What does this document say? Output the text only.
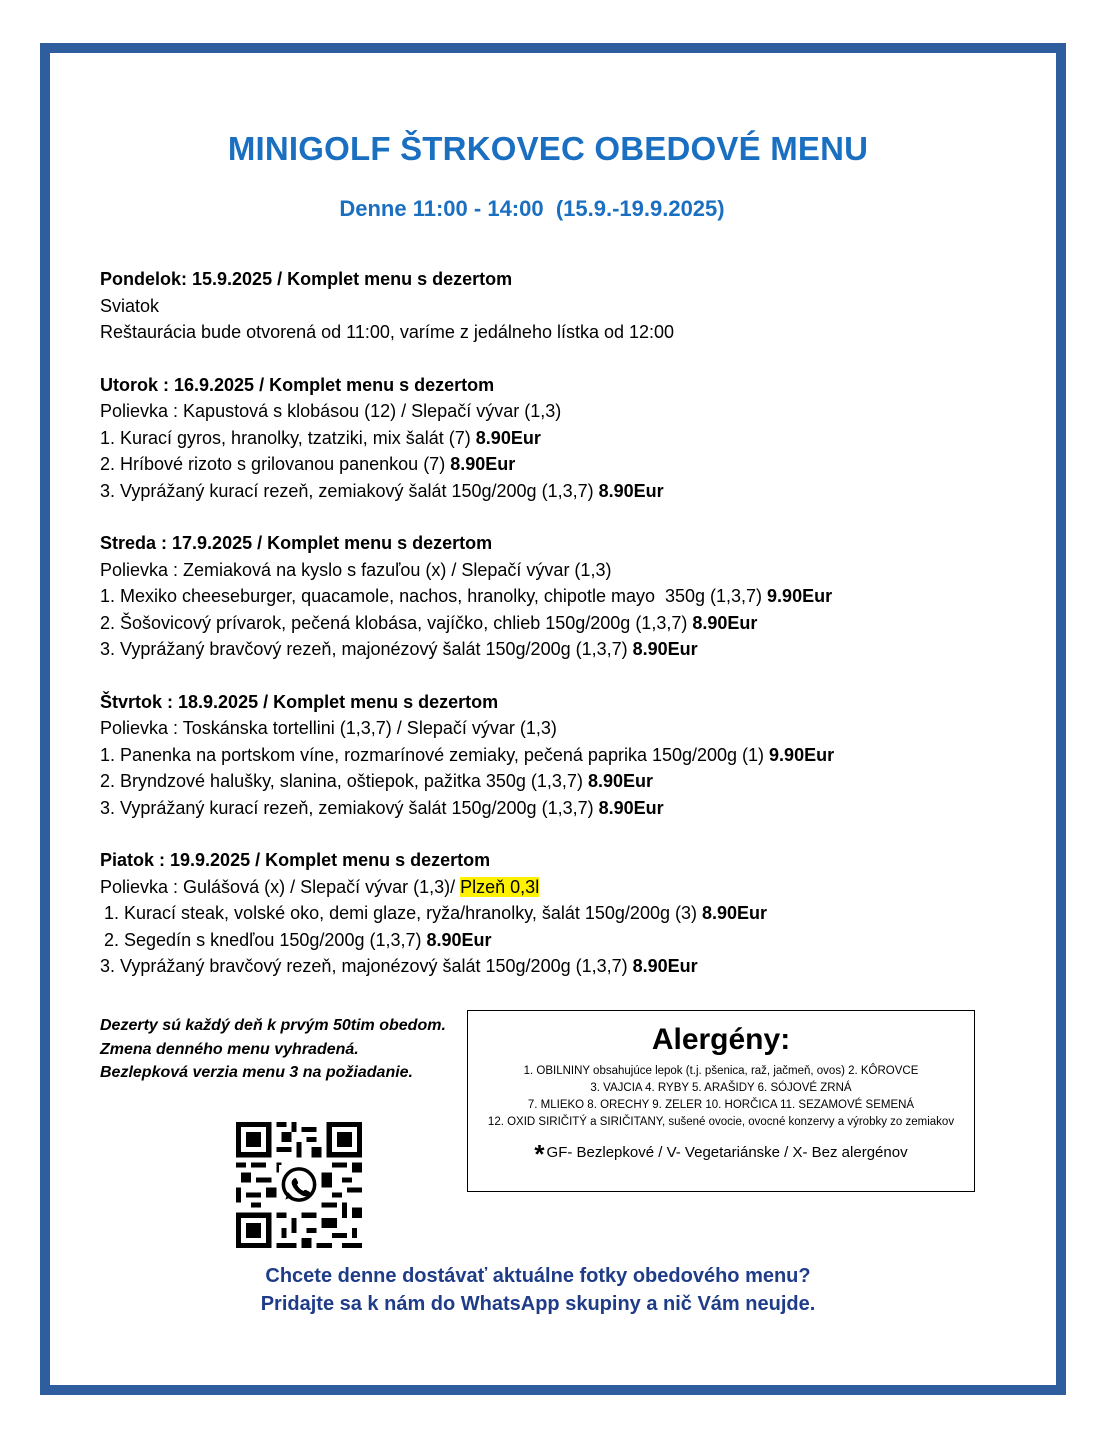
MINIGOLF ŠTRKOVEC OBEDOVÉ MENU
Denne 11:00 - 14:00  (15.9.-19.9.2025)
Pondelok: 15.9.2025 / Komplet menu s dezertom
Sviatok
Reštaurácia bude otvorená od 11:00, varíme z jedálneho lístka od 12:00
Utorok : 16.9.2025 / Komplet menu s dezertom
Polievka : Kapustová s klobásou (12) / Slepačí vývar (1,3)
1. Kurací gyros, hranolky, tzatziki, mix šalát (7) 8.90Eur
2. Hríbové rizoto s grilovanou panenkou (7) 8.90Eur
3. Vyprážaný kurací rezeň, zemiakový šalát 150g/200g (1,3,7) 8.90Eur
Streda : 17.9.2025 / Komplet menu s dezertom
Polievka : Zemiaková na kyslo s fazuľou (x) / Slepačí vývar (1,3)
1. Mexiko cheeseburger, quacamole, nachos, hranolky, chipotle mayo  350g (1,3,7) 9.90Eur
2. Šošovicový prívarok, pečená klobása, vajíčko, chlieb 150g/200g (1,3,7) 8.90Eur
3. Vyprážaný bravčový rezeň, majonézový šalát 150g/200g (1,3,7) 8.90Eur
Štvrtok : 18.9.2025 / Komplet menu s dezertom
Polievka : Toskánska tortellini (1,3,7) / Slepačí vývar (1,3)
1. Panenka na portskom víne, rozmarínové zemiaky, pečená paprika 150g/200g (1) 9.90Eur
2. Bryndzové halušky, slanina, oštiepok, pažitka 350g (1,3,7) 8.90Eur
3. Vyprážaný kurací rezeň, zemiakový šalát 150g/200g (1,3,7) 8.90Eur
Piatok : 19.9.2025 / Komplet menu s dezertom
Polievka : Gulášová (x) / Slepačí vývar (1,3)/ Plzeň 0,3l
1. Kurací steak, volské oko, demi glaze, ryža/hranolky, šalát 150g/200g (3) 8.90Eur
2. Segedín s knedľou 150g/200g (1,3,7) 8.90Eur
3. Vyprážaný bravčový rezeň, majonézový šalát 150g/200g (1,3,7) 8.90Eur
Dezerty sú každý deň k prvým 50tim obedom.
Zmena denného menu vyhradená.
Bezlepková verzia menu 3 na požiadanie.
Alergény:
1. OBILNINY obsahujúce lepok (t.j. pšenica, raž, jačmeň, ovos) 2. KÔROVCE
3. VAJCIA 4. RYBY 5. ARAŠIDY 6. SÓJOVÉ ZRNÁ
7. MLIEKO 8. ORECHY 9. ZELER 10. HORČICA 11. SEZAMOVÉ SEMENÁ
12. OXID SIRIČITÝ a SIRIČITANY, sušené ovocie, ovocné konzervy a výrobky zo zemiakov
* GF- Bezlepkové / V- Vegetariánske / X- Bez alergénov
Chcete denne dostávať aktuálne fotky obedového menu?
Pridajte sa k nám do WhatsApp skupiny a nič Vám neujde.
